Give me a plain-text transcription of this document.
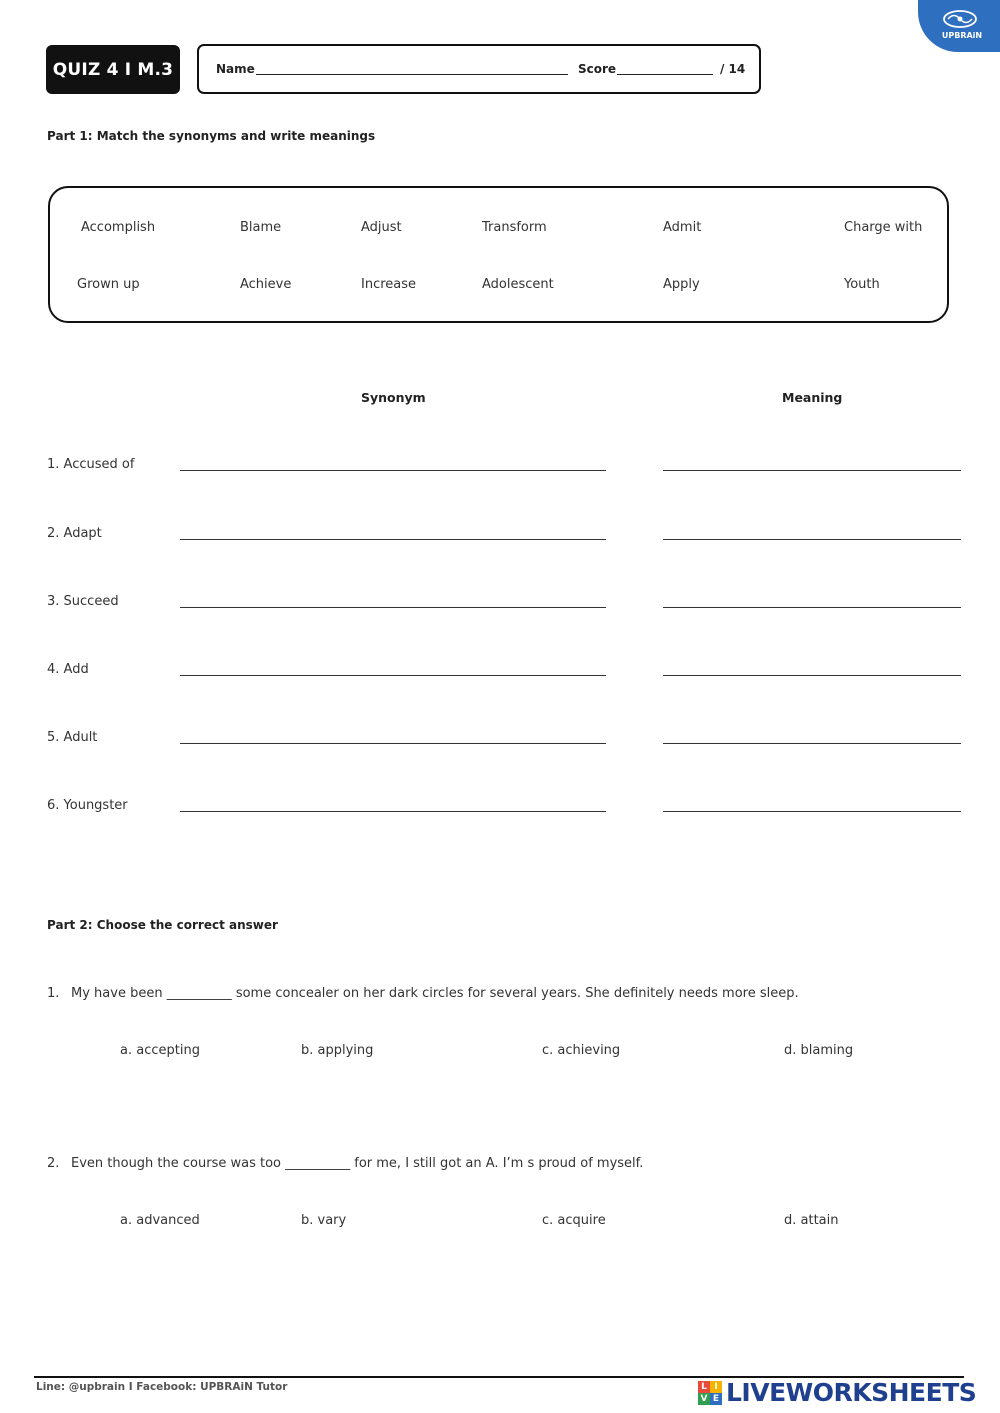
QUIZ 4 I M.3	Name	Score	/ 14
UPBRAiN
Part 1: Match the synonyms and write meanings
Accomplish	Blame	Adjust	Transform	Admit	Charge with
Grown up	Achieve	Increase	Adolescent	Apply	Youth
Synonym	Meaning
1. Accused of
2. Adapt
3. Succeed
4. Add
5. Adult
6. Youngster
Part 2: Choose the correct answer
1. My have been __________ some concealer on her dark circles for several years. She definitely needs more sleep.
a. accepting	b. applying	c. achieving	d. blaming
2. Even though the course was too __________ for me, I still got an A. I’m s proud of myself.
a. advanced	b. vary	c. acquire	d. attain
Line: @upbrain I Facebook: UPBRAiN Tutor	L I
V E LIVEWORKSHEETS
